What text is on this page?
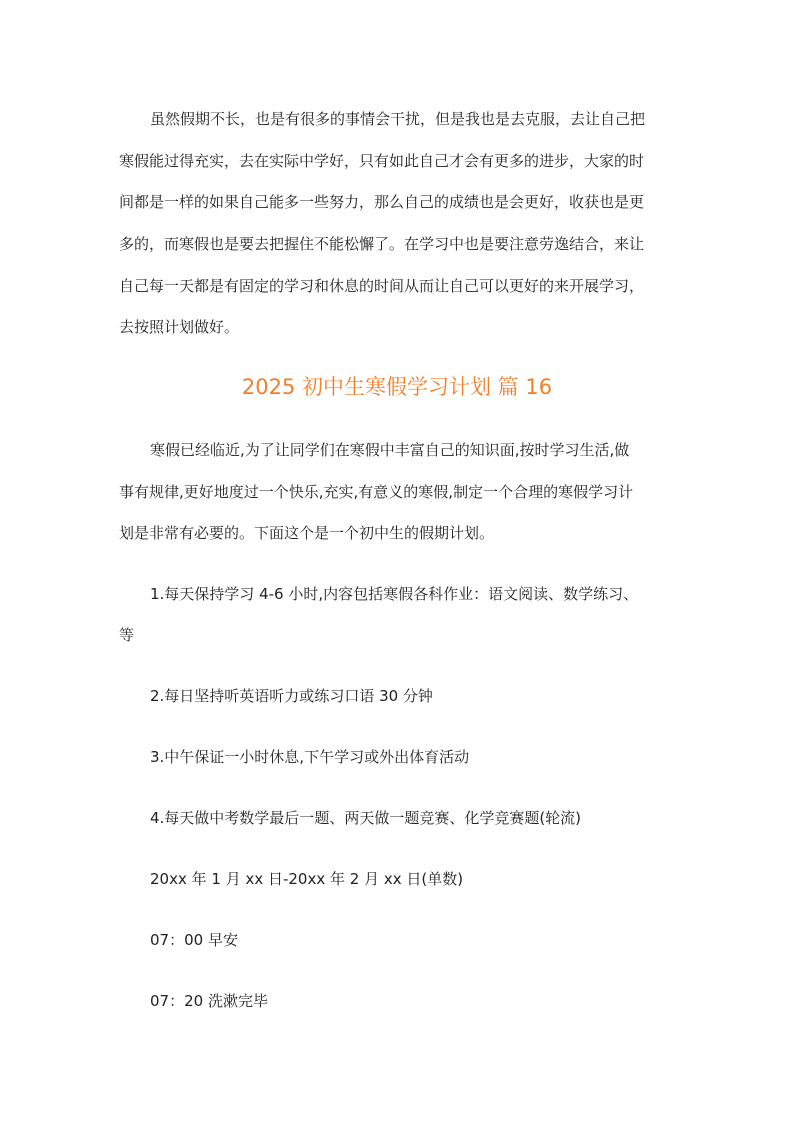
虽然假期不长，也是有很多的事情会干扰，但是我也是去克服，去让自己把
寒假能过得充实，去在实际中学好，只有如此自己才会有更多的进步，大家的时
间都是一样的如果自己能多一些努力，那么自己的成绩也是会更好，收获也是更
多的，而寒假也是要去把握住不能松懈了。在学习中也是要注意劳逸结合，来让
自己每一天都是有固定的学习和休息的时间从而让自己可以更好的来开展学习，
去按照计划做好。
2025 初中生寒假学习计划 篇 16
寒假已经临近,为了让同学们在寒假中丰富自己的知识面,按时学习生活,做
事有规律,更好地度过一个快乐,充实,有意义的寒假,制定一个合理的寒假学习计
划是非常有必要的。下面这个是一个初中生的假期计划。
1.每天保持学习 4-6 小时,内容包括寒假各科作业：语文阅读、数学练习、
等
2.每日坚持听英语听力或练习口语 30 分钟
3.中午保证一小时休息,下午学习或外出体育活动
4.每天做中考数学最后一题、两天做一题竞赛、化学竞赛题(轮流)
20xx 年 1 月 xx 日-20xx 年 2 月 xx 日(单数)
07：00 早安
07：20 洗漱完毕
